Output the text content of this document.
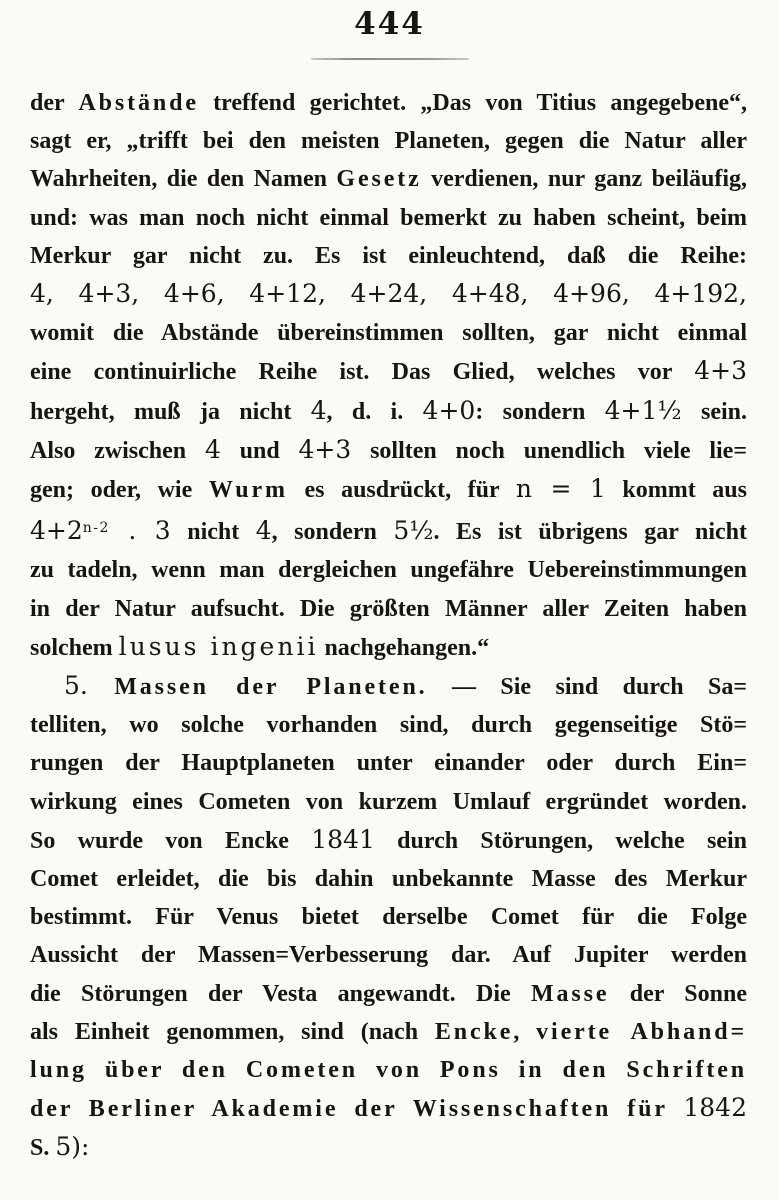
444
der Abstände treffend gerichtet. „Das von Titius angegebene“,
sagt er, „trifft bei den meisten Planeten, gegen die Natur aller
Wahrheiten, die den Namen Gesetz verdienen, nur ganz beiläufig,
und: was man noch nicht einmal bemerkt zu haben scheint, beim
Merkur gar nicht zu. Es ist einleuchtend, daß die Reihe:
4, 4+3, 4+6, 4+12, 4+24, 4+48, 4+96, 4+192,
womit die Abstände übereinstimmen sollten, gar nicht einmal
eine continuirliche Reihe ist. Das Glied, welches vor 4+3
hergeht, muß ja nicht 4, d. i. 4+0: sondern 4+1½ sein.
Also zwischen 4 und 4+3 sollten noch unendlich viele lie=
gen; oder, wie Wurm es ausdrückt, für n = 1 kommt aus
$4+2^{n-2}$ . 3 nicht 4, sondern 5½. Es ist übrigens gar nicht
zu tadeln, wenn man dergleichen ungefähre Uebereinstimmungen
in der Natur aufsucht. Die größten Männer aller Zeiten haben
solchem lusus ingenii nachgehangen.“
5. Massen der Planeten. — Sie sind durch Sa=
telliten, wo solche vorhanden sind, durch gegenseitige Stö=
rungen der Hauptplaneten unter einander oder durch Ein=
wirkung eines Cometen von kurzem Umlauf ergründet worden.
So wurde von Encke 1841 durch Störungen, welche sein
Comet erleidet, die bis dahin unbekannte Masse des Merkur
bestimmt. Für Venus bietet derselbe Comet für die Folge
Aussicht der Massen=Verbesserung dar. Auf Jupiter werden
die Störungen der Vesta angewandt. Die Masse der Sonne
als Einheit genommen, sind (nach Encke, vierte Abhand=
lung über den Cometen von Pons in den Schriften
der Berliner Akademie der Wissenschaften für 1842
S. 5):
